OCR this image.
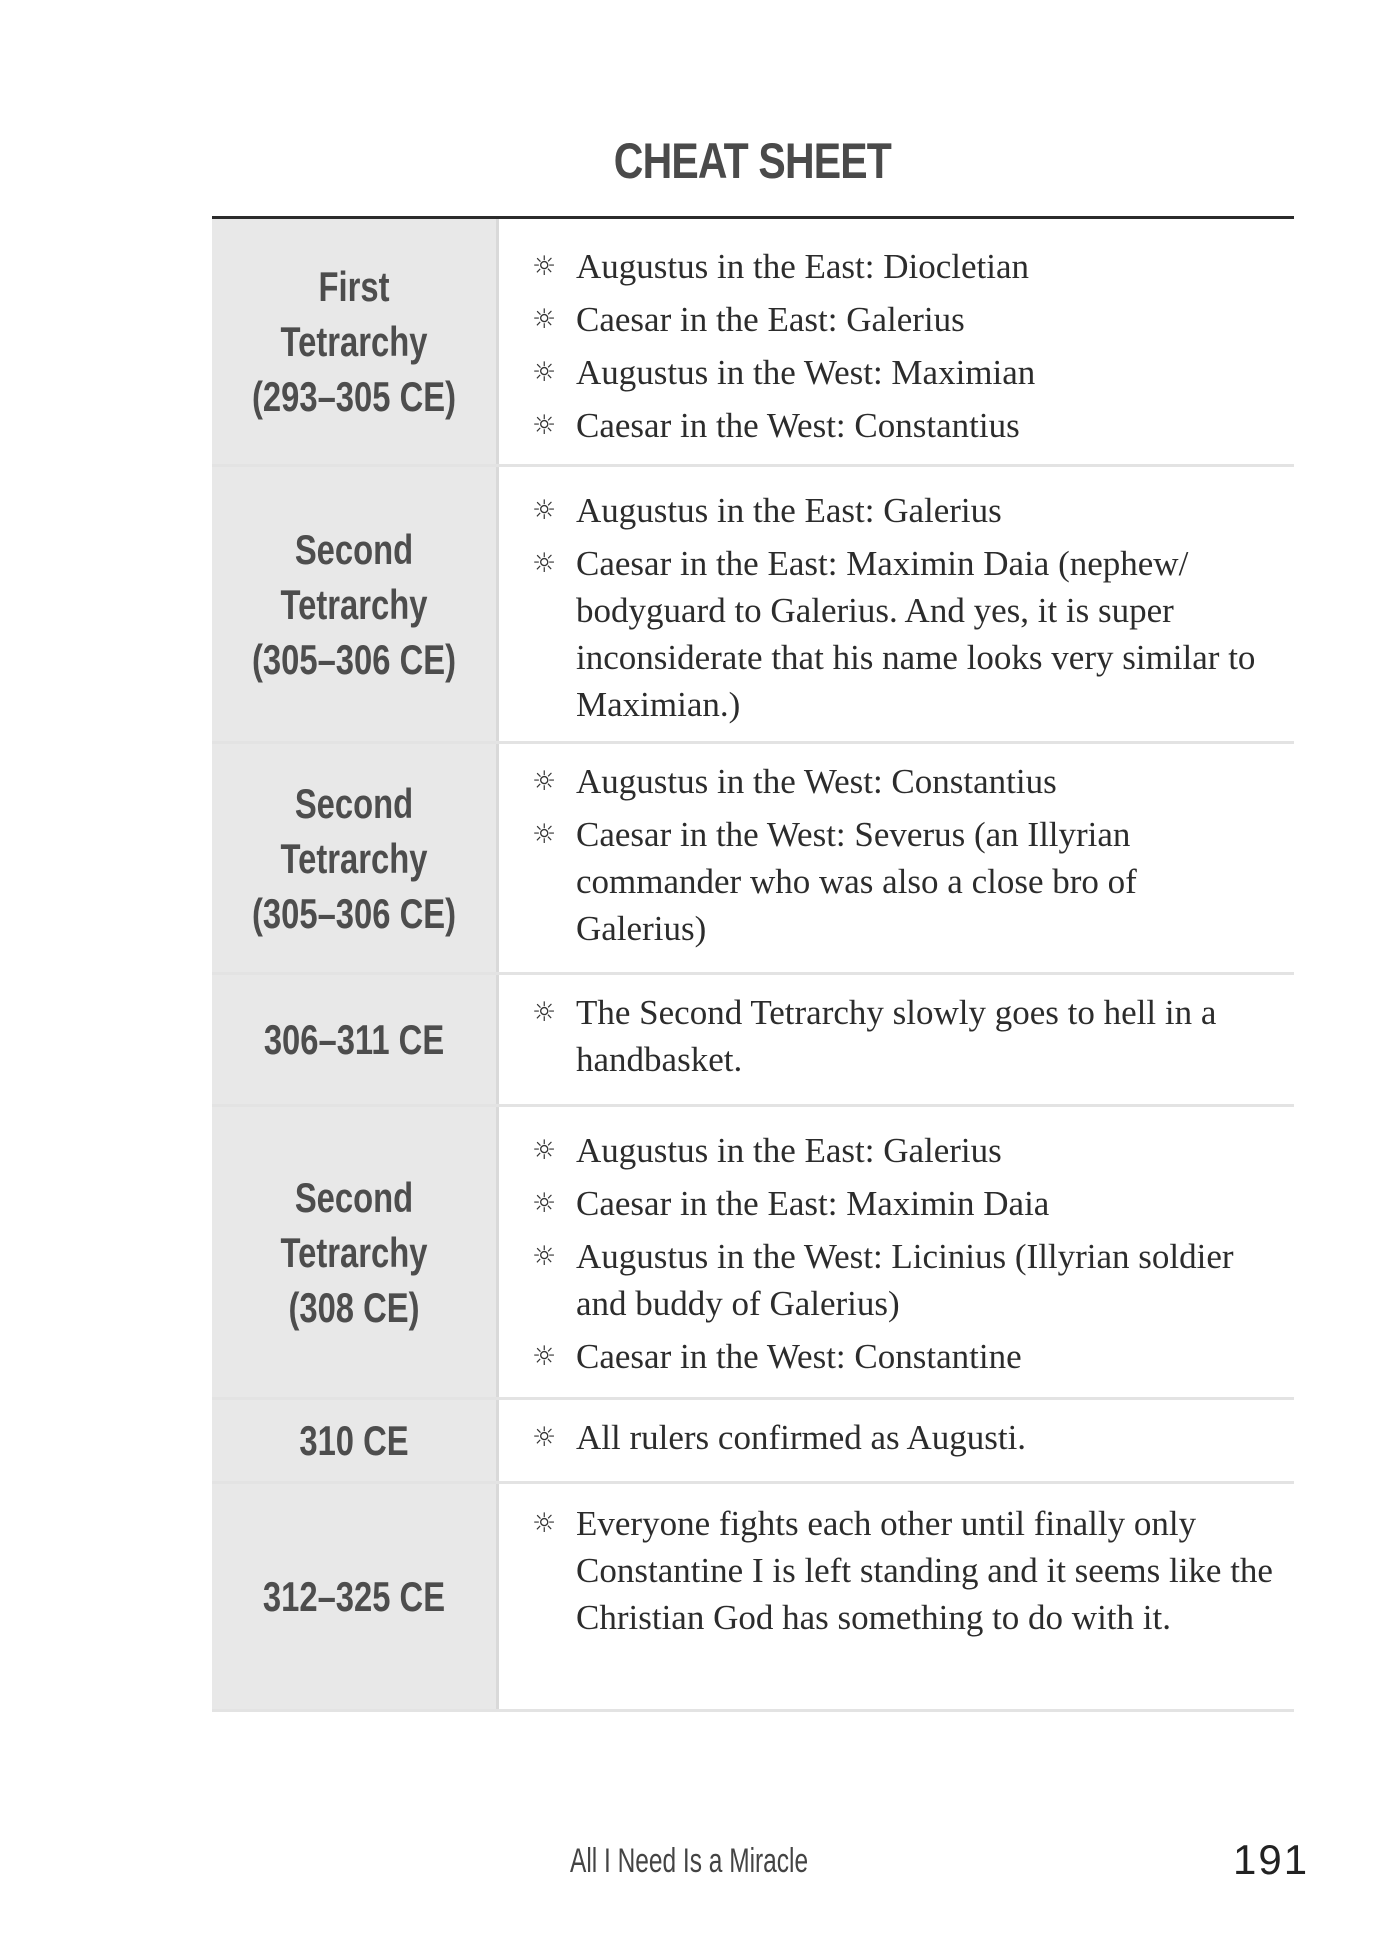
CHEAT SHEET
First Tetrarchy (293–305 CE)
☼ Augustus in the East: Diocletian
☼ Caesar in the East: Galerius
☼ Augustus in the West: Maximian
☼ Caesar in the West: Constantius
Second Tetrarchy (305–306 CE)
☼ Augustus in the East: Galerius
☼ Caesar in the East: Maximin Daia (nephew/ bodyguard to Galerius. And yes, it is super inconsiderate that his name looks very similar to Maximian.)
Second Tetrarchy (305–306 CE)
☼ Augustus in the West: Constantius
☼ Caesar in the West: Severus (an Illyrian commander who was also a close bro of Galerius)
306–311 CE
☼ The Second Tetrarchy slowly goes to hell in a handbasket.
Second Tetrarchy (308 CE)
☼ Augustus in the East: Galerius
☼ Caesar in the East: Maximin Daia
☼ Augustus in the West: Licinius (Illyrian soldier and buddy of Galerius)
☼ Caesar in the West: Constantine
310 CE	☼ All rulers confirmed as Augusti.
312–325 CE
☼ Everyone fights each other until finally only Constantine I is left standing and it seems like the Christian God has something to do with it.
All I Need Is a Miracle	191
